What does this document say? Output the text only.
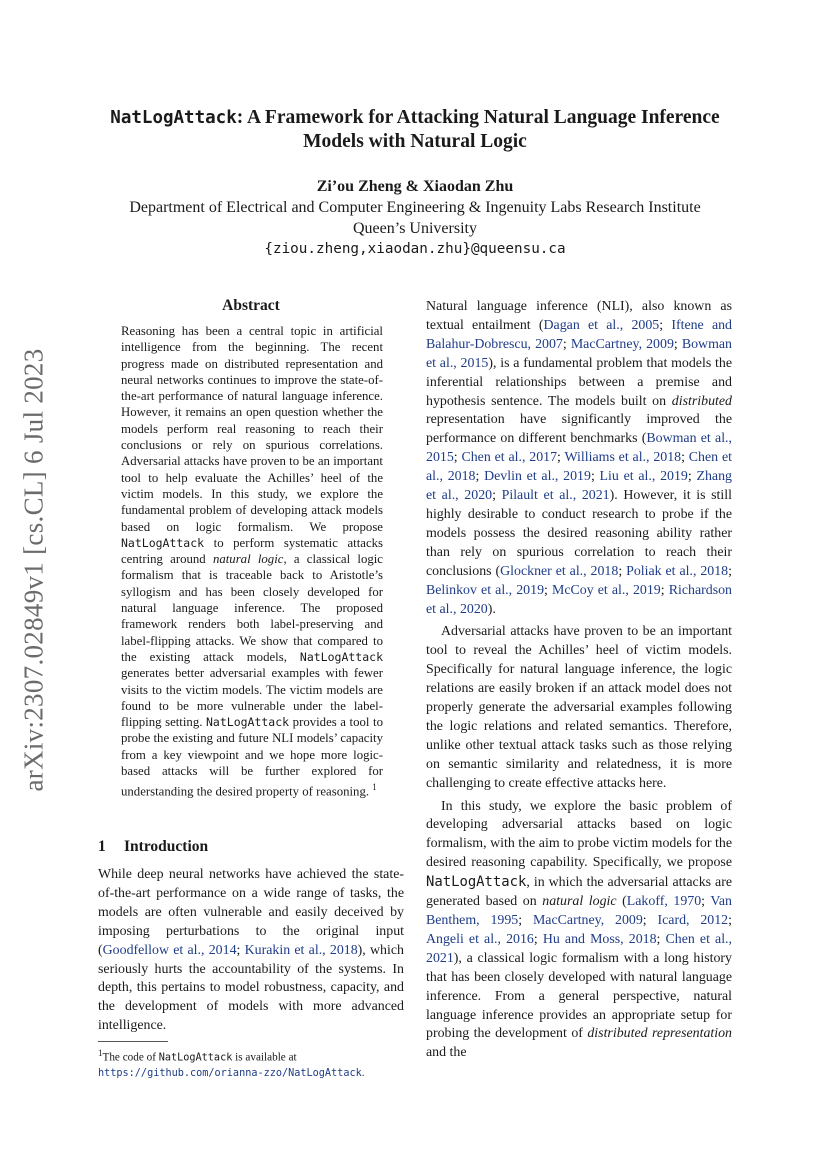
arXiv:2307.02849v1 [cs.CL] 6 Jul 2023
NatLogAttack: A Framework for Attacking Natural Language Inference
Models with Natural Logic
Zi’ou Zheng & Xiaodan Zhu
Department of Electrical and Computer Engineering & Ingenuity Labs Research Institute
Queen’s University
{ziou.zheng,xiaodan.zhu}@queensu.ca
Abstract

Reasoning has been a central topic in artificial intelligence from the beginning. The recent progress made on distributed representation and neural networks continues to improve the state-of-the-art performance of natural language inference. However, it remains an open question whether the models perform real reasoning to reach their conclusions or rely on spurious correlations. Adversarial attacks have proven to be an important tool to help evaluate the Achilles’ heel of the victim models. In this study, we explore the fundamental problem of developing attack models based on logic formalism. We propose NatLogAttack to perform systematic attacks centring around natural logic, a classical logic formalism that is traceable back to Aristotle’s syllogism and has been closely developed for natural language inference. The proposed framework renders both label-preserving and label-flipping attacks. We show that compared to the existing attack models, NatLogAttack generates better adversarial examples with fewer visits to the victim models. The victim models are found to be more vulnerable under the label-flipping setting. NatLogAttack provides a tool to probe the existing and future NLI models’ capacity from a key viewpoint and we hope more logic-based attacks will be further explored for understanding the desired property of reasoning. $^1$

1 Introduction

While deep neural networks have achieved the state-of-the-art performance on a wide range of tasks, the models are often vulnerable and easily deceived by imposing perturbations to the original input (Goodfellow et al., 2014; Kurakin et al., 2018), which seriously hurts the accountability of the systems. In depth, this pertains to model robustness, capacity, and the development of models with more advanced intelligence.

$^1$The code of NatLogAttack is available at https://github.com/orianna-zzo/NatLogAttack.

Natural language inference (NLI), also known as textual entailment (Dagan et al., 2005; Iftene and Balahur-Dobrescu, 2007; MacCartney, 2009; Bowman et al., 2015), is a fundamental problem that models the inferential relationships between a premise and hypothesis sentence. The models built on distributed representation have significantly improved the performance on different benchmarks (Bowman et al., 2015; Chen et al., 2017; Williams et al., 2018; Chen et al., 2018; Devlin et al., 2019; Liu et al., 2019; Zhang et al., 2020; Pilault et al., 2021). However, it is still highly desirable to conduct research to probe if the models possess the desired reasoning ability rather than rely on spurious correlation to reach their conclusions (Glockner et al., 2018; Poliak et al., 2018; Belinkov et al., 2019; McCoy et al., 2019; Richardson et al., 2020).

Adversarial attacks have proven to be an important tool to reveal the Achilles’ heel of victim models. Specifically for natural language inference, the logic relations are easily broken if an attack model does not properly generate the adversarial examples following the logic relations and related semantics. Therefore, unlike other textual attack tasks such as those relying on semantic similarity and relatedness, it is more challenging to create effective attacks here.

In this study, we explore the basic problem of developing adversarial attacks based on logic formalism, with the aim to probe victim models for the desired reasoning capability. Specifically, we propose NatLogAttack, in which the adversarial attacks are generated based on natural logic (Lakoff, 1970; Van Benthem, 1995; MacCartney, 2009; Icard, 2012; Angeli et al., 2016; Hu and Moss, 2018; Chen et al., 2021), a classical logic formalism with a long history that has been closely developed with natural language inference. From a general perspective, natural language inference provides an appropriate setup for probing the development of distributed representation and the
